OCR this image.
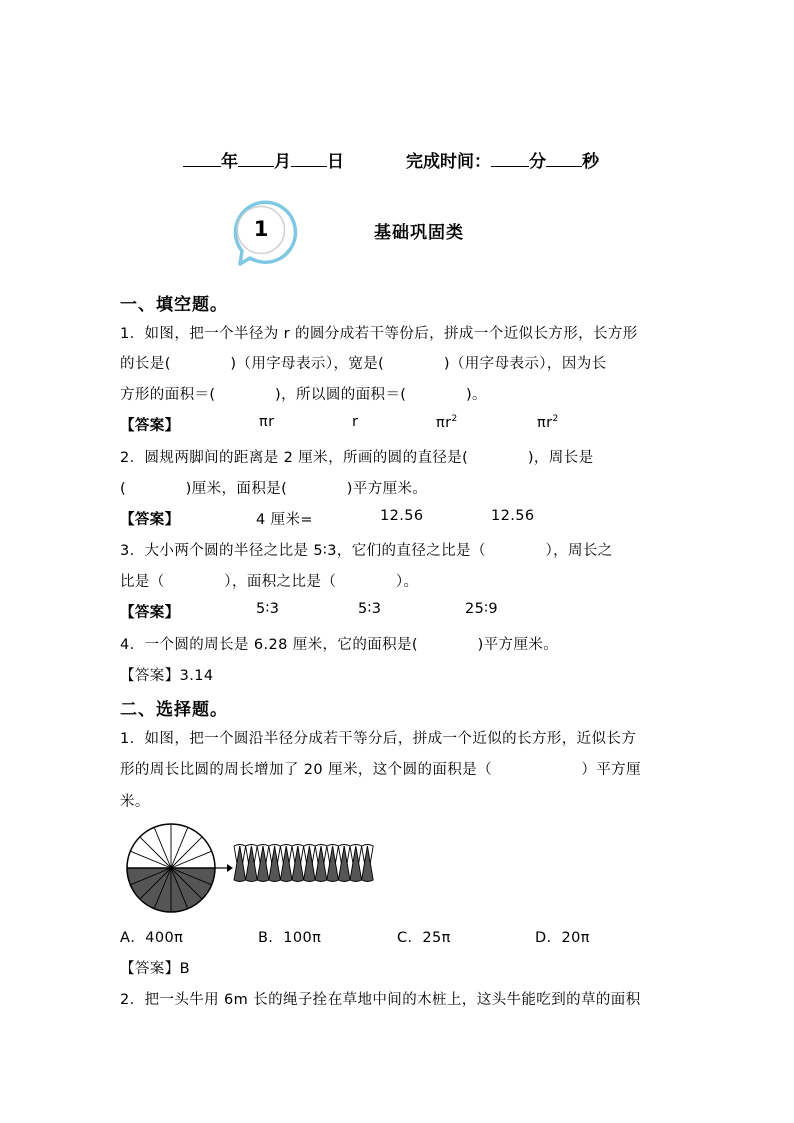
年 月 日	完成时间： 分 秒
1	基础巩固类
一、填空题。
1．如图，把一个半径为 r 的圆分成若干等份后，拼成一个近似长方形，长方形
的长是(　　　　)（用字母表示），宽是(　　　　)（用字母表示），因为长
方形的面积＝(　　　　)，所以圆的面积＝(　　　　)。
【答案】	πr	r	$\pi r^2$	$\pi r^2$
2．圆规两脚间的距离是 2 厘米，所画的圆的直径是(　　　　)，周长是
(　　　　)厘米，面积是(　　　　)平方厘米。
【答案】	4 厘米=	12.56	12.56
3．大小两个圆的半径之比是 5∶3，它们的直径之比是（　　　　），周长之
比是（　　　　），面积之比是（　　　　）。
【答案】	5∶3	5∶3	25∶9
4．一个圆的周长是 6.28 厘米，它的面积是(　　　　)平方厘米。
【答案】3.14
二、选择题。
1．如图，把一个圆沿半径分成若干等分后，拼成一个近似的长方形，近似长方
形的周长比圆的周长增加了 20 厘米，这个圆的面积是（　　　　　　）平方厘
米。
A．400π	B．100π	C．25π	D．20π
【答案】B
2．把一头牛用 6m 长的绳子拴在草地中间的木桩上，这头牛能吃到的草的面积
